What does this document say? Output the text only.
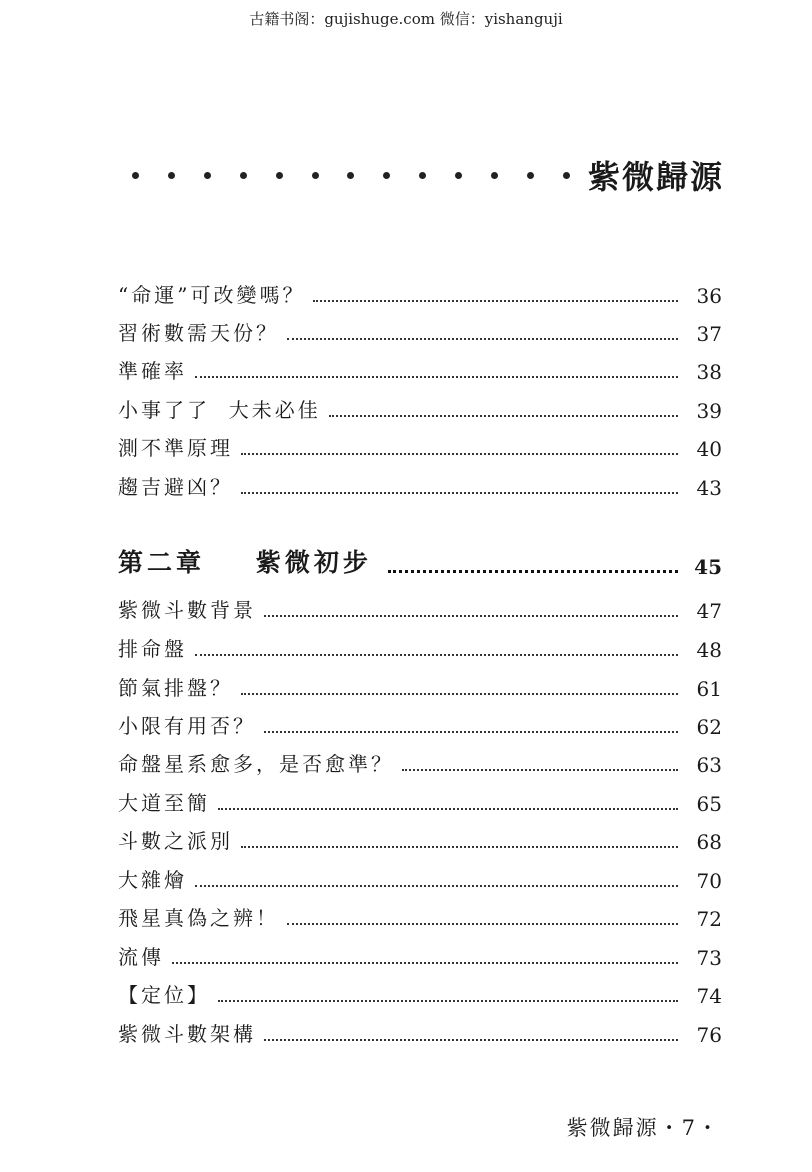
古籍书阁：gujishuge.com 微信：yishanguji
紫微歸源
“命運”可改變嗎？	36
習術數需天份？	37
準確率	38
小事了了  大未必佳	39
測不準原理	40
趨吉避凶？	43
第二章    紫微初步	45
紫微斗數背景	47
排命盤	48
節氣排盤？	61
小限有用否？	62
命盤星系愈多，是否愈準？	63
大道至簡	65
斗數之派別	68
大雜燴	70
飛星真偽之辨！	72
流傳	73
【定位】	74
紫微斗數架構	76
紫微歸源・7・
